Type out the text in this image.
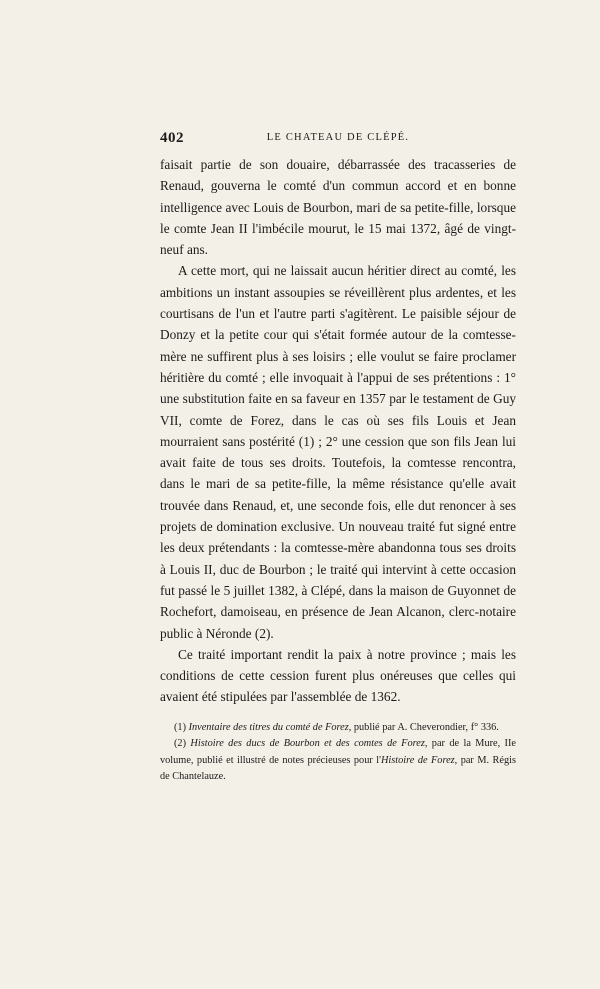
402	LE CHATEAU DE CLÉPÉ.

faisait partie de son douaire, débarrassée des tracasseries de Renaud, gouverna le comté d'un commun accord et en bonne intelligence avec Louis de Bourbon, mari de sa petite-fille, lorsque le comte Jean II l'imbécile mourut, le 15 mai 1372, âgé de vingt-neuf ans.

A cette mort, qui ne laissait aucun héritier direct au comté, les ambitions un instant assoupies se réveillèrent plus ardentes, et les courtisans de l'un et l'autre parti s'agitèrent. Le paisible séjour de Donzy et la petite cour qui s'était formée autour de la comtesse-mère ne suffirent plus à ses loisirs ; elle voulut se faire proclamer héritière du comté ; elle invoquait à l'appui de ses prétentions : 1° une substitution faite en sa faveur en 1357 par le testament de Guy VII, comte de Forez, dans le cas où ses fils Louis et Jean mourraient sans postérité (1) ; 2° une cession que son fils Jean lui avait faite de tous ses droits. Toutefois, la comtesse rencontra, dans le mari de sa petite-fille, la même résistance qu'elle avait trouvée dans Renaud, et, une seconde fois, elle dut renoncer à ses projets de domination exclusive. Un nouveau traité fut signé entre les deux prétendants : la comtesse-mère abandonna tous ses droits à Louis II, duc de Bourbon ; le traité qui intervint à cette occasion fut passé le 5 juillet 1382, à Clépé, dans la maison de Guyonnet de Rochefort, damoiseau, en présence de Jean Alcanon, clerc-notaire public à Néronde (2).

Ce traité important rendit la paix à notre province ; mais les conditions de cette cession furent plus onéreuses que celles qui avaient été stipulées par l'assemblée de 1362.

(1) Inventaire des titres du comté de Forez, publié par A. Cheverondier, f° 336.

(2) Histoire des ducs de Bourbon et des comtes de Forez, par de la Mure, IIe volume, publié et illustré de notes précieuses pour l'Histoire de Forez, par M. Régis de Chantelauze.
